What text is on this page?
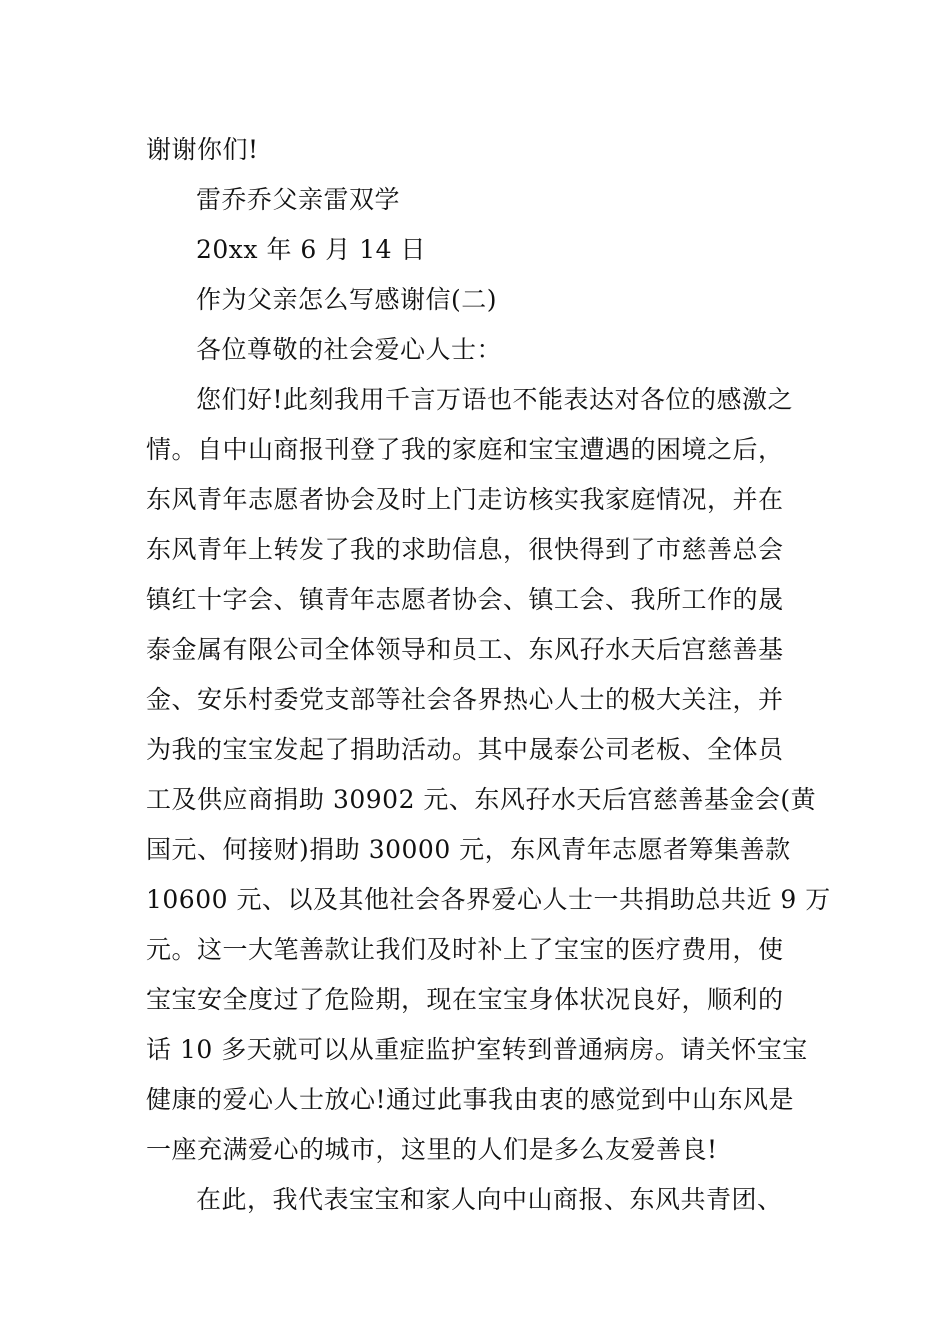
谢谢你们!
雷乔乔父亲雷双学
20xx 年 6 月 14 日
作为父亲怎么写感谢信(二)
各位尊敬的社会爱心人士：
您们好!此刻我用千言万语也不能表达对各位的感激之
情。自中山商报刊登了我的家庭和宝宝遭遇的困境之后，
东风青年志愿者协会及时上门走访核实我家庭情况，并在
东风青年上转发了我的求助信息，很快得到了市慈善总会
镇红十字会、镇青年志愿者协会、镇工会、我所工作的晟
泰金属有限公司全体领导和员工、东风孖水天后宫慈善基
金、安乐村委党支部等社会各界热心人士的极大关注，并
为我的宝宝发起了捐助活动。其中晟泰公司老板、全体员
工及供应商捐助 30902 元、东风孖水天后宫慈善基金会(黄
国元、何接财)捐助 30000 元，东风青年志愿者筹集善款
10600 元、以及其他社会各界爱心人士一共捐助总共近 9 万
元。这一大笔善款让我们及时补上了宝宝的医疗费用，使
宝宝安全度过了危险期，现在宝宝身体状况良好，顺利的
话 10 多天就可以从重症监护室转到普通病房。请关怀宝宝
健康的爱心人士放心!通过此事我由衷的感觉到中山东风是
一座充满爱心的城市，这里的人们是多么友爱善良!
在此，我代表宝宝和家人向中山商报、东风共青团、
